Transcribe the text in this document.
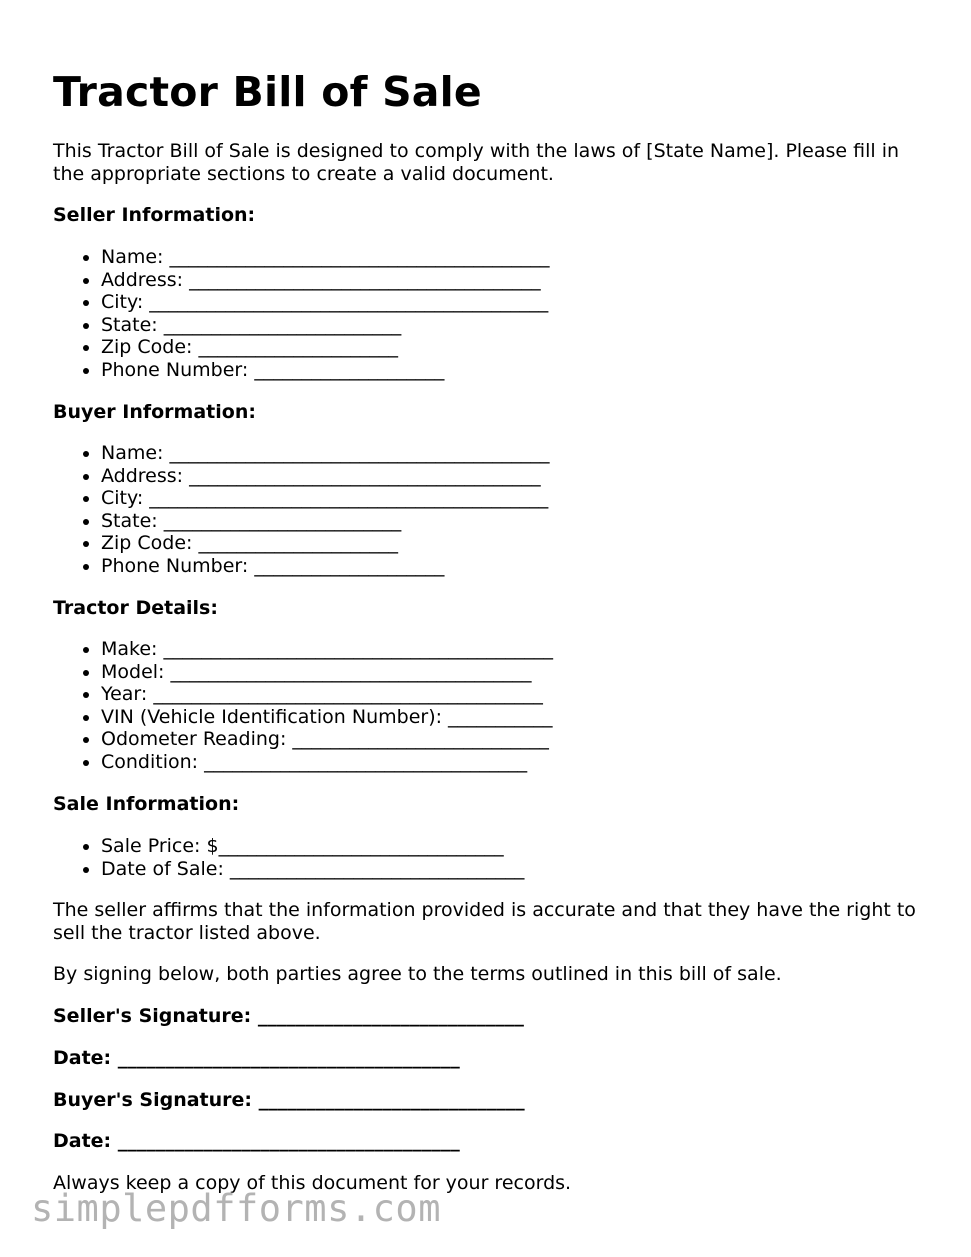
Tractor Bill of Sale

This Tractor Bill of Sale is designed to comply with the laws of [State Name]. Please fill in the appropriate sections to create a valid document.

Seller Information:

• Name: ________________________________________
• Address: _____________________________________
• City: __________________________________________
• State: _________________________
• Zip Code: _____________________
• Phone Number: ____________________

Buyer Information:

• Name: ________________________________________
• Address: _____________________________________
• City: __________________________________________
• State: _________________________
• Zip Code: _____________________
• Phone Number: ____________________

Tractor Details:

• Make: _________________________________________
• Model: ______________________________________
• Year: _________________________________________
• VIN (Vehicle Identification Number): ___________
• Odometer Reading: ___________________________
• Condition: __________________________________

Sale Information:

• Sale Price: $______________________________
• Date of Sale: _______________________________

The seller affirms that the information provided is accurate and that they have the right to sell the tractor listed above.

By signing below, both parties agree to the terms outlined in this bill of sale.

Seller's Signature: ____________________________

Date: ____________________________________

Buyer's Signature: ____________________________

Date: ____________________________________

Always keep a copy of this document for your records.

simplepdfforms.com
